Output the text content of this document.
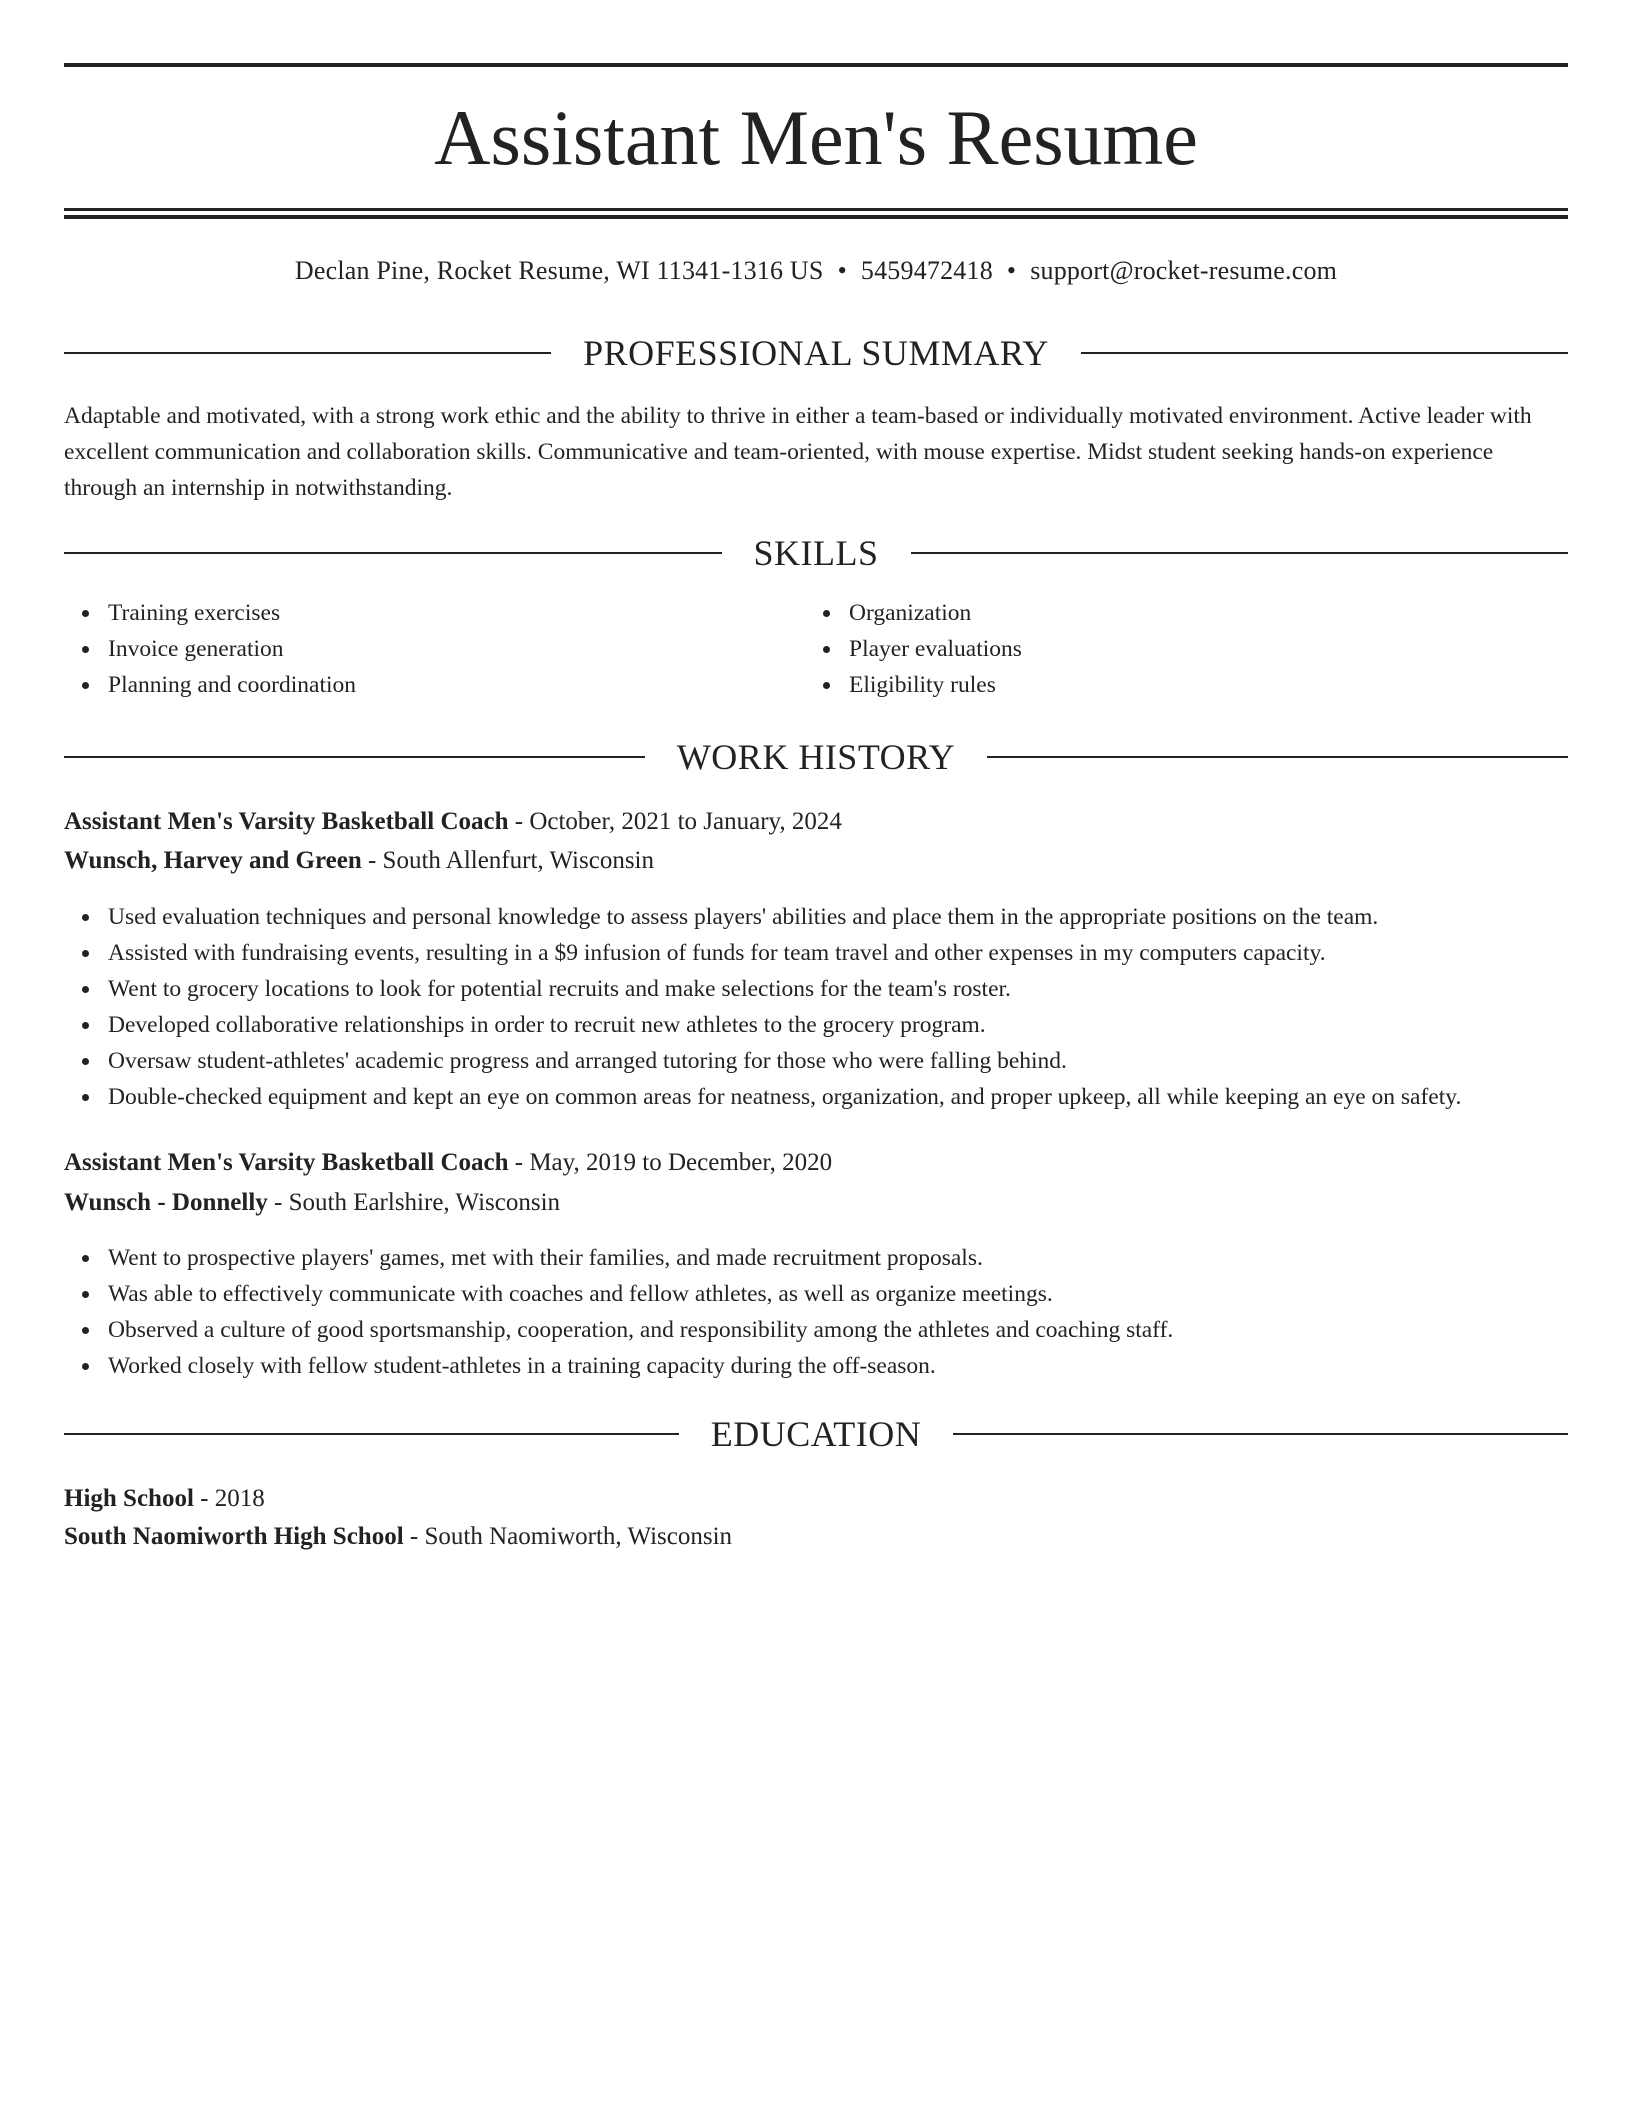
Assistant Men's Resume
Declan Pine, Rocket Resume, WI 11341-1316 US • 5459472418 • support@rocket-resume.com
PROFESSIONAL SUMMARY
Adaptable and motivated, with a strong work ethic and the ability to thrive in either a team-based or individually motivated environment. Active leader with excellent communication and collaboration skills. Communicative and team-oriented, with mouse expertise. Midst student seeking hands-on experience through an internship in notwithstanding.
SKILLS
Training exercises
Invoice generation
Planning and coordination
Organization
Player evaluations
Eligibility rules
WORK HISTORY
Assistant Men's Varsity Basketball Coach - October, 2021 to January, 2024
Wunsch, Harvey and Green - South Allenfurt, Wisconsin
Used evaluation techniques and personal knowledge to assess players' abilities and place them in the appropriate positions on the team.
Assisted with fundraising events, resulting in a $9 infusion of funds for team travel and other expenses in my computers capacity.
Went to grocery locations to look for potential recruits and make selections for the team's roster.
Developed collaborative relationships in order to recruit new athletes to the grocery program.
Oversaw student-athletes' academic progress and arranged tutoring for those who were falling behind.
Double-checked equipment and kept an eye on common areas for neatness, organization, and proper upkeep, all while keeping an eye on safety.
Assistant Men's Varsity Basketball Coach - May, 2019 to December, 2020
Wunsch - Donnelly - South Earlshire, Wisconsin
Went to prospective players' games, met with their families, and made recruitment proposals.
Was able to effectively communicate with coaches and fellow athletes, as well as organize meetings.
Observed a culture of good sportsmanship, cooperation, and responsibility among the athletes and coaching staff.
Worked closely with fellow student-athletes in a training capacity during the off-season.
EDUCATION
High School - 2018
South Naomiworth High School - South Naomiworth, Wisconsin
